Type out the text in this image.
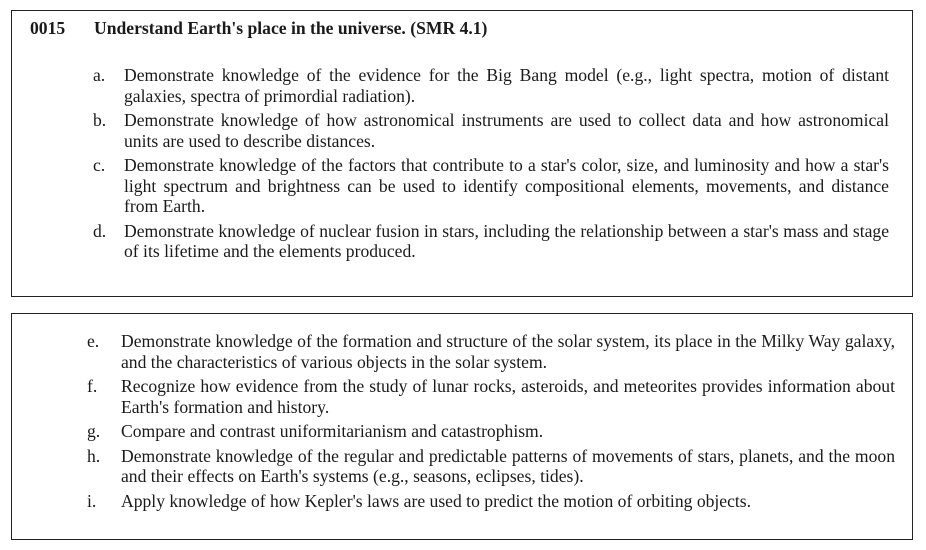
0015 Understand Earth's place in the universe. (SMR 4.1)
a.	Demonstrate knowledge of the evidence for the Big Bang model (e.g., light spectra, motion of distant galaxies, spectra of primordial radiation).
b.	Demonstrate knowledge of how astronomical instruments are used to collect data and how astronomical units are used to describe distances.
c.	Demonstrate knowledge of the factors that contribute to a star's color, size, and luminosity and how a star's light spectrum and brightness can be used to identify compositional elements, movements, and distance from Earth.
d.	Demonstrate knowledge of nuclear fusion in stars, including the relationship between a star's mass and stage of its lifetime and the elements produced.
e.	Demonstrate knowledge of the formation and structure of the solar system, its place in the Milky Way galaxy, and the characteristics of various objects in the solar system.
f.	Recognize how evidence from the study of lunar rocks, asteroids, and meteorites provides information about Earth's formation and history.
g.	Compare and contrast uniformitarianism and catastrophism.
h.	Demonstrate knowledge of the regular and predictable patterns of movements of stars, planets, and the moon and their effects on Earth's systems (e.g., seasons, eclipses, tides).
i.	Apply knowledge of how Kepler's laws are used to predict the motion of orbiting objects.
